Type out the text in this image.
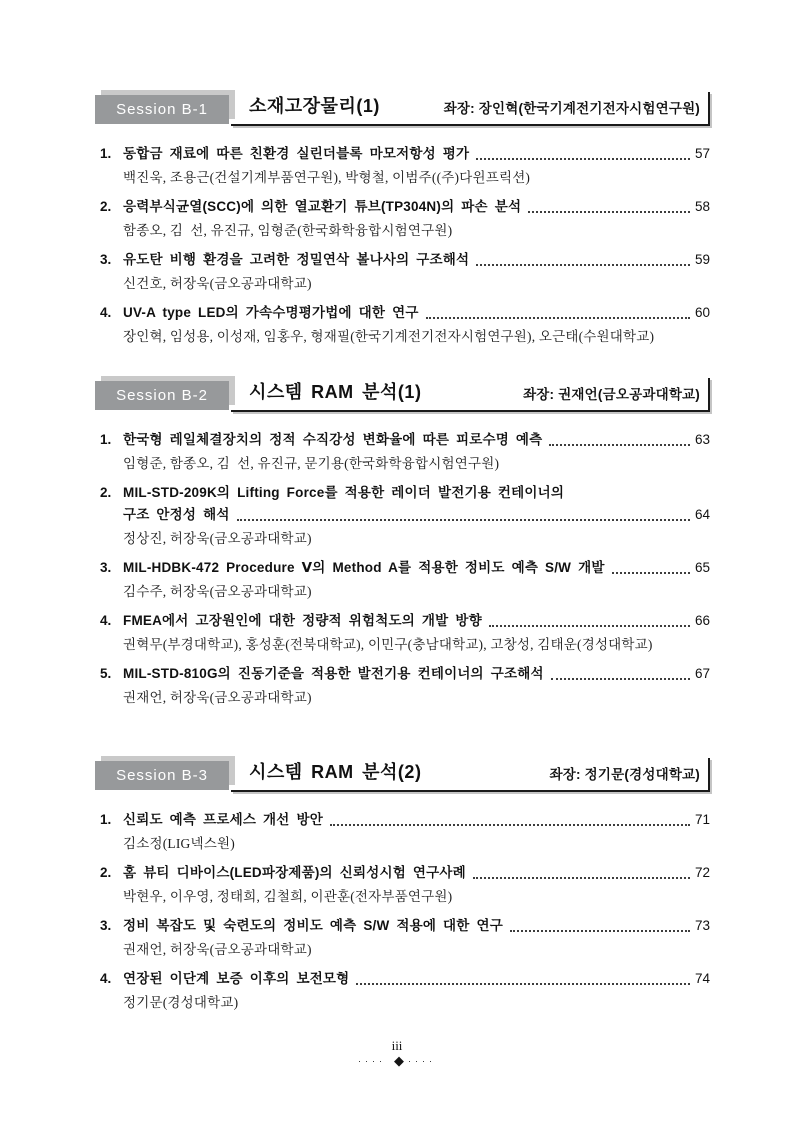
Session B-1	소재고장물리(1)	좌장: 장인혁(한국기계전기전자시험연구원)
1. 동합금 재료에 따른 친환경 실린더블록 마모저항성 평가	57
백진욱, 조용근(건설기계부품연구원), 박형철, 이범주((주)다윈프릭션)
2. 응력부식균열(SCC)에 의한 열교환기 튜브(TP304N)의 파손 분석	58
함종오, 김  선, 유진규, 임형준(한국화학융합시험연구원)
3. 유도탄 비행 환경을 고려한 정밀연삭 볼나사의 구조해석	59
신건호, 허장욱(금오공과대학교)
4. UV-A type LED의 가속수명평가법에 대한 연구	60
장인혁, 임성용, 이성재, 임홍우, 형재필(한국기계전기전자시험연구원), 오근태(수원대학교)
Session B-2	시스템 RAM 분석(1)	좌장: 권재언(금오공과대학교)
1. 한국형 레일체결장치의 정적 수직강성 변화율에 따른 피로수명 예측	63
임형준, 함종오, 김  선, 유진규, 문기용(한국화학융합시험연구원)
2. MIL-STD-209K의 Lifting Force를 적용한 레이더 발전기용 컨테이너의
구조 안정성 해석	64
정상진, 허장욱(금오공과대학교)
3. MIL-HDBK-472 Procedure Ⅴ의 Method A를 적용한 정비도 예측 S/W 개발	65
김수주, 허장욱(금오공과대학교)
4. FMEA에서 고장원인에 대한 정량적 위험척도의 개발 방향	66
권혁무(부경대학교), 홍성훈(전북대학교), 이민구(충남대학교), 고창성, 김태운(경성대학교)
5. MIL-STD-810G의 진동기준을 적용한 발전기용 컨테이너의 구조해석	67
권재언, 허장욱(금오공과대학교)
Session B-3	시스템 RAM 분석(2)	좌장: 정기문(경성대학교)
1. 신뢰도 예측 프로세스 개선 방안	71
김소정(LIG넥스원)
2. 홈 뷰티 디바이스(LED파장제품)의 신뢰성시험 연구사례	72
박현우, 이우영, 정태희, 김철희, 이관훈(전자부품연구원)
3. 정비 복잡도 및 숙련도의 정비도 예측 S/W 적용에 대한 연구	73
권재언, 허장욱(금오공과대학교)
4. 연장된 이단계 보증 이후의 보전모형	74
정기문(경성대학교)
iii
···· ◆ ····
